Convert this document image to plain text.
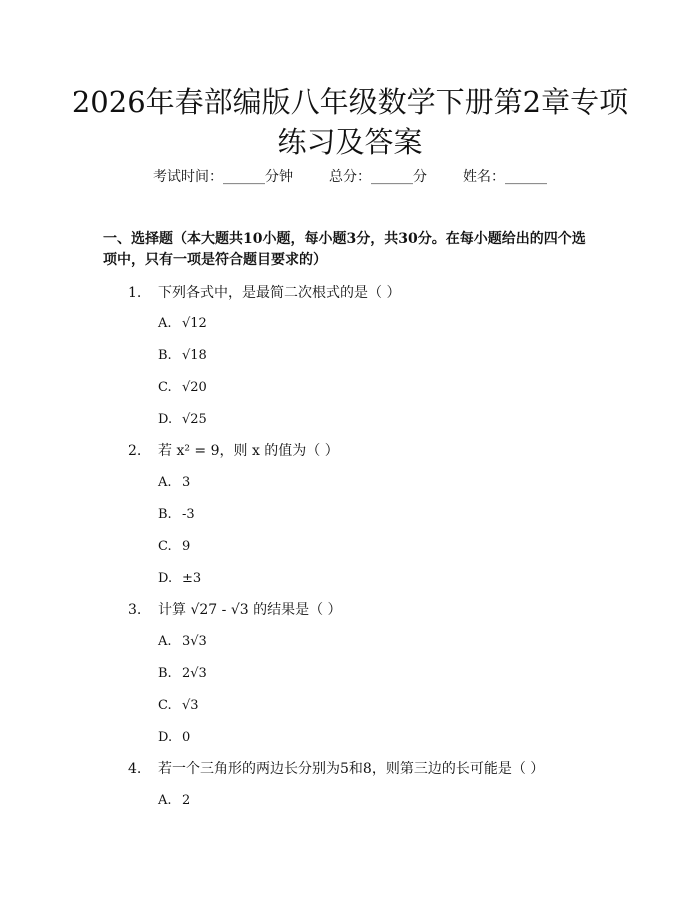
2026年春部编版八年级数学下册第2章专项
练习及答案
考试时间：______分钟	总分：______分	姓名：______
一、选择题（本大题共10小题，每小题3分，共30分。在每小题给出的四个选
项中，只有一项是符合题目要求的）
1. 下列各式中，是最简二次根式的是（ ）
A. √12
B. √18
C. √20
D. √25
2. 若 x² = 9，则 x 的值为（ ）
A. 3
B. -3
C. 9
D. ±3
3. 计算 √27 - √3 的结果是（ ）
A. 3√3
B. 2√3
C. √3
D. 0
4. 若一个三角形的两边长分别为5和8，则第三边的长可能是（ ）
A. 2
